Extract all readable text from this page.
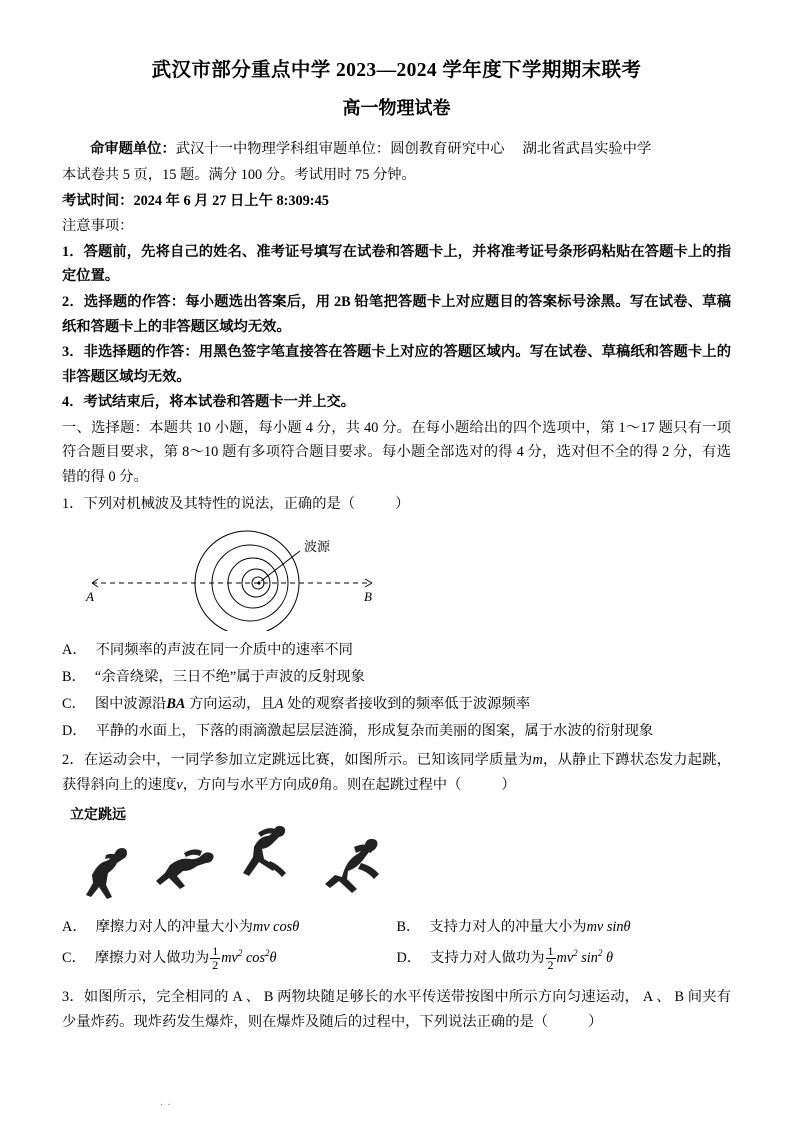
武汉市部分重点中学 2023—2024 学年度下学期期末联考
高一物理试卷
命审题单位：武汉十一中物理学科组审题单位：圆创教育研究中心 湖北省武昌实验中学
本试卷共 5 页，15 题。满分 100 分。考试用时 75 分钟。
考试时间：2024 年 6 月 27 日上午 8:309:45
注意事项：
1．答题前，先将自己的姓名、准考证号填写在试卷和答题卡上，并将准考证号条形码粘贴在答题卡上的指定位置。
2．选择题的作答：每小题选出答案后，用 2B 铅笔把答题卡上对应题目的答案标号涂黑。写在试卷、草稿纸和答题卡上的非答题区域均无效。
3．非选择题的作答：用黑色签字笔直接答在答题卡上对应的答题区域内。写在试卷、草稿纸和答题卡上的非答题区域均无效。
4．考试结束后，将本试卷和答题卡一并上交。
一、选择题：本题共 10 小题，每小题 4 分，共 40 分。在每小题给出的四个选项中，第 1～17 题只有一项符合题目要求，第 8～10 题有多项符合题目要求。每小题全部选对的得 4 分，选对但不全的得 2 分，有选错的得 0 分。
1．下列对机械波及其特性的说法，正确的是（	）
波源
A	B
A． 不同频率的声波在同一介质中的速率不同
B． “余音绕梁，三日不绝”属于声波的反射现象
C． 图中波源沿BA 方向运动，且A 处的观察者接收到的频率低于波源频率
D． 平静的水面上，下落的雨滴激起层层涟漪，形成复杂而美丽的图案，属于水波的衍射现象
2．在运动会中，一同学参加立定跳远比赛，如图所示。已知该同学质量为m，从静止下蹲状态发力起跳，获得斜向上的速度v，方向与水平方向成θ角。则在起跳过程中（	）
立定跳远
A． 摩擦力对人的冲量大小为mv cosθ	B． 支持力对人的冲量大小为mv sinθ
C． 摩擦力对人做功为 $\frac{1}{2} mv^2$ $\cos^2\theta$	D． 支持力对人做功为 $\frac{1}{2} mv^2$ $\sin^2 \theta$
3．如图所示，完全相同的 A 、 B 两物块随足够长的水平传送带按图中所示方向匀速运动， A 、 B 间夹有少量炸药。现炸药发生爆炸，则在爆炸及随后的过程中，下列说法正确的是（	）
. .
